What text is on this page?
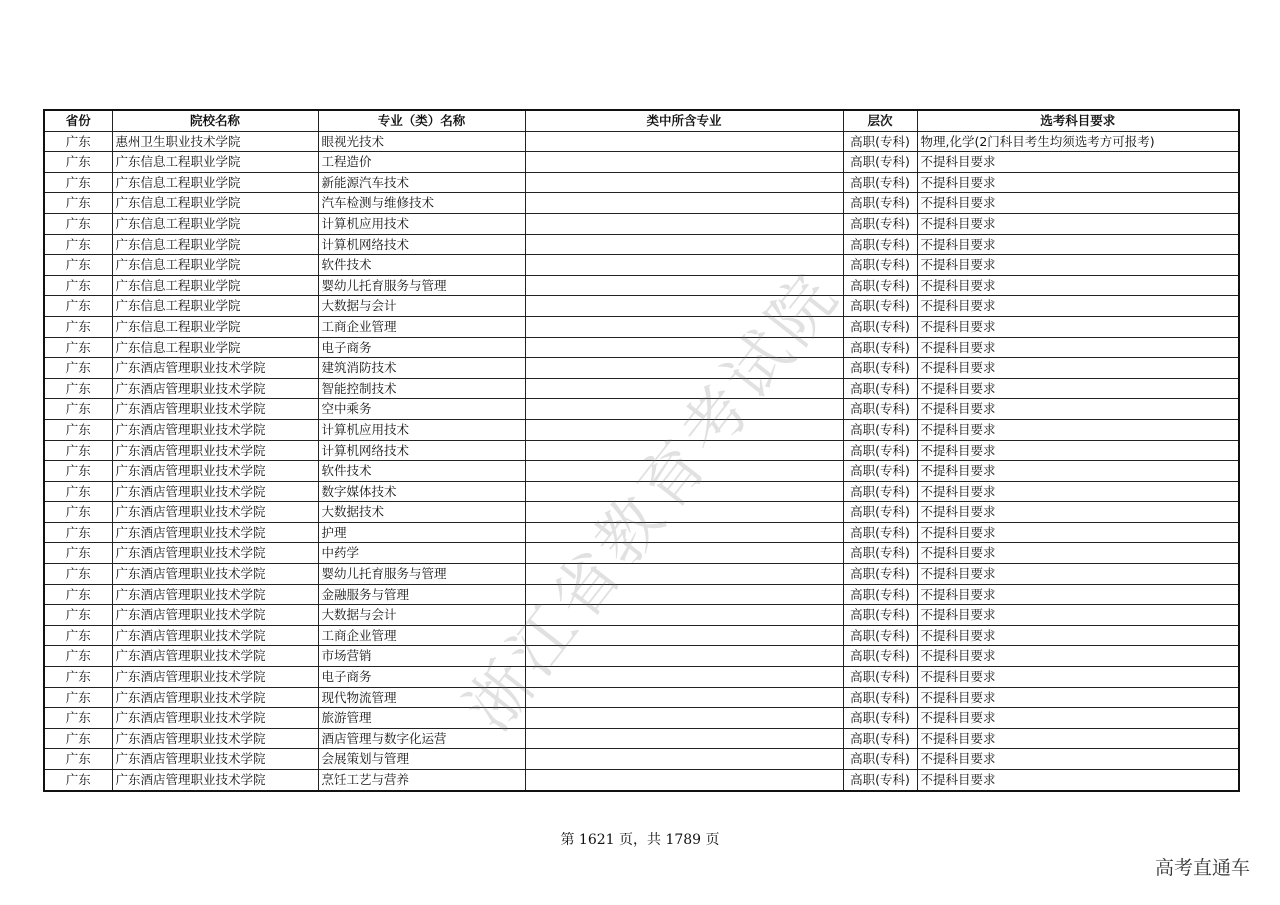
省份	院校名称	专业（类）名称	类中所含专业	层次	选考科目要求
广东	惠州卫生职业技术学院	眼视光技术		高职(专科)	物理,化学(2门科目考生均须选考方可报考)
广东	广东信息工程职业学院	工程造价		高职(专科)	不提科目要求
广东	广东信息工程职业学院	新能源汽车技术		高职(专科)	不提科目要求
广东	广东信息工程职业学院	汽车检测与维修技术		高职(专科)	不提科目要求
广东	广东信息工程职业学院	计算机应用技术		高职(专科)	不提科目要求
广东	广东信息工程职业学院	计算机网络技术		高职(专科)	不提科目要求
广东	广东信息工程职业学院	软件技术		高职(专科)	不提科目要求
广东	广东信息工程职业学院	婴幼儿托育服务与管理		高职(专科)	不提科目要求
广东	广东信息工程职业学院	大数据与会计		高职(专科)	不提科目要求
广东	广东信息工程职业学院	工商企业管理		高职(专科)	不提科目要求
广东	广东信息工程职业学院	电子商务		高职(专科)	不提科目要求
广东	广东酒店管理职业技术学院	建筑消防技术		高职(专科)	不提科目要求
广东	广东酒店管理职业技术学院	智能控制技术		高职(专科)	不提科目要求
广东	广东酒店管理职业技术学院	空中乘务		高职(专科)	不提科目要求
广东	广东酒店管理职业技术学院	计算机应用技术		高职(专科)	不提科目要求
广东	广东酒店管理职业技术学院	计算机网络技术		高职(专科)	不提科目要求
广东	广东酒店管理职业技术学院	软件技术		高职(专科)	不提科目要求
广东	广东酒店管理职业技术学院	数字媒体技术		高职(专科)	不提科目要求
广东	广东酒店管理职业技术学院	大数据技术		高职(专科)	不提科目要求
广东	广东酒店管理职业技术学院	护理		高职(专科)	不提科目要求
广东	广东酒店管理职业技术学院	中药学		高职(专科)	不提科目要求
广东	广东酒店管理职业技术学院	婴幼儿托育服务与管理		高职(专科)	不提科目要求
广东	广东酒店管理职业技术学院	金融服务与管理		高职(专科)	不提科目要求
广东	广东酒店管理职业技术学院	大数据与会计		高职(专科)	不提科目要求
广东	广东酒店管理职业技术学院	工商企业管理		高职(专科)	不提科目要求
广东	广东酒店管理职业技术学院	市场营销		高职(专科)	不提科目要求
广东	广东酒店管理职业技术学院	电子商务		高职(专科)	不提科目要求
广东	广东酒店管理职业技术学院	现代物流管理		高职(专科)	不提科目要求
广东	广东酒店管理职业技术学院	旅游管理		高职(专科)	不提科目要求
广东	广东酒店管理职业技术学院	酒店管理与数字化运营		高职(专科)	不提科目要求
广东	广东酒店管理职业技术学院	会展策划与管理		高职(专科)	不提科目要求
广东	广东酒店管理职业技术学院	烹饪工艺与营养		高职(专科)	不提科目要求
浙江省教育考试院
第 1621 页，共 1789 页
高考直通车
